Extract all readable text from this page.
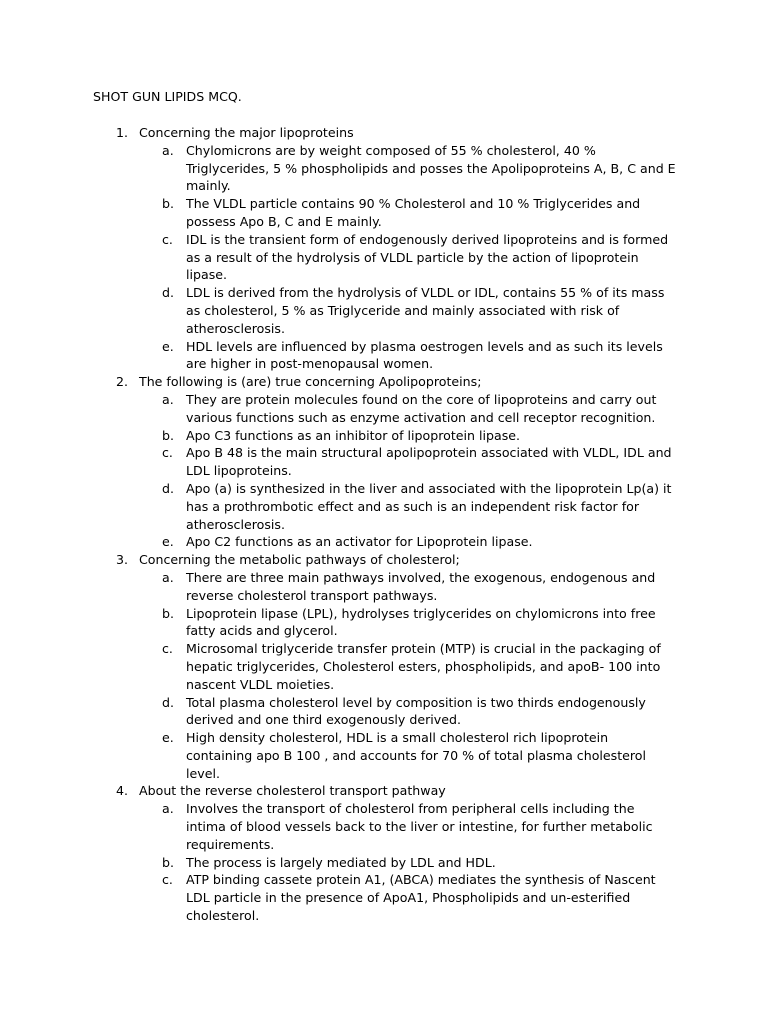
SHOT GUN LIPIDS MCQ.
1. Concerning the major lipoproteins
a. Chylomicrons are by weight composed of 55 % cholesterol, 40 % Triglycerides, 5 % phospholipids and posses the Apolipoproteins A, B, C and E mainly.
b. The VLDL particle contains 90 % Cholesterol and 10 % Triglycerides and possess Apo B, C and E mainly.
c. IDL is the transient form of endogenously derived lipoproteins and is formed as a result of the hydrolysis of VLDL particle by the action of lipoprotein lipase.
d. LDL is derived from the hydrolysis of VLDL or IDL, contains 55 % of its mass as cholesterol, 5 % as Triglyceride and mainly associated with risk of atherosclerosis.
e. HDL levels are influenced by plasma oestrogen levels and as such its levels are higher in post-menopausal women.
2. The following is (are) true concerning Apolipoproteins;
a. They are protein molecules found on the core of lipoproteins and carry out various functions such as enzyme activation and cell receptor recognition.
b. Apo C3 functions as an inhibitor of lipoprotein lipase.
c. Apo B 48 is the main structural apolipoprotein associated with VLDL, IDL and LDL lipoproteins.
d. Apo (a) is synthesized in the liver and associated with the lipoprotein Lp(a) it has a prothrombotic effect and as such is an independent risk factor for atherosclerosis.
e. Apo C2 functions as an activator for Lipoprotein lipase.
3. Concerning the metabolic pathways of cholesterol;
a. There are three main pathways involved, the exogenous, endogenous and reverse cholesterol transport pathways.
b. Lipoprotein lipase (LPL), hydrolyses triglycerides on chylomicrons into free fatty acids and glycerol.
c. Microsomal triglyceride transfer protein (MTP) is crucial in the packaging of hepatic triglycerides, Cholesterol esters, phospholipids, and apoB- 100 into nascent VLDL moieties.
d. Total plasma cholesterol level by composition is two thirds endogenously derived and one third exogenously derived.
e. High density cholesterol, HDL is a small cholesterol rich lipoprotein containing apo B 100 , and accounts for 70 % of total plasma cholesterol level.
4. About the reverse cholesterol transport pathway
a. Involves the transport of cholesterol from peripheral cells including the intima of blood vessels back to the liver or intestine, for further metabolic requirements.
b. The process is largely mediated by LDL and HDL.
c. ATP binding cassete protein A1, (ABCA) mediates the synthesis of Nascent LDL particle in the presence of ApoA1, Phospholipids and un-esterified cholesterol.
